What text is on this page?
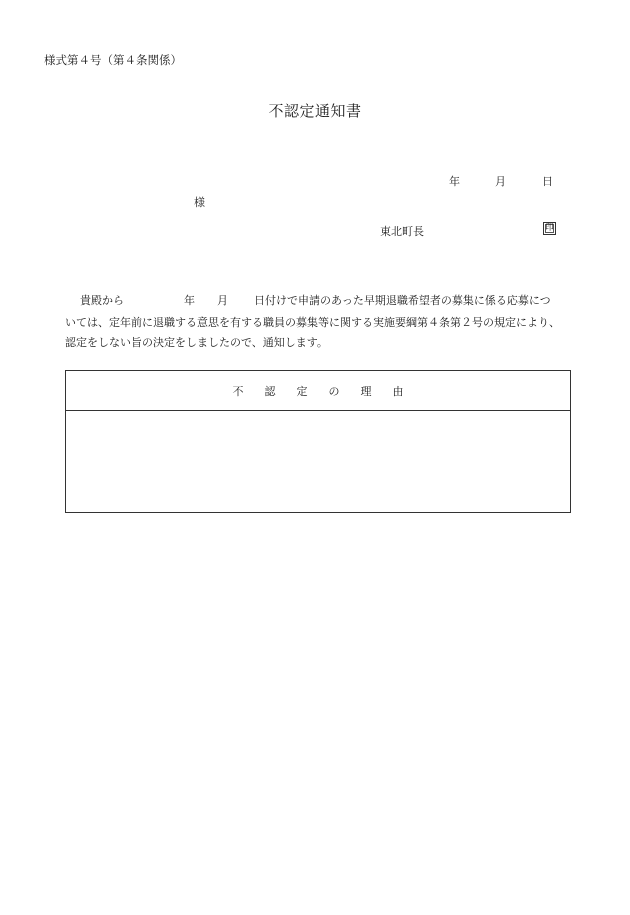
様式第４号（第４条関係）
不認定通知書
年	月	日
様
東北町長	印
貴殿から	年 月 日付けで申請のあった早期退職希望者の募集に係る応募につ
いては、定年前に退職する意思を有する職員の募集等に関する実施要綱第４条第２号の規定により、
認定をしない旨の決定をしましたので、通知します。
不	認	定	の	理	由
